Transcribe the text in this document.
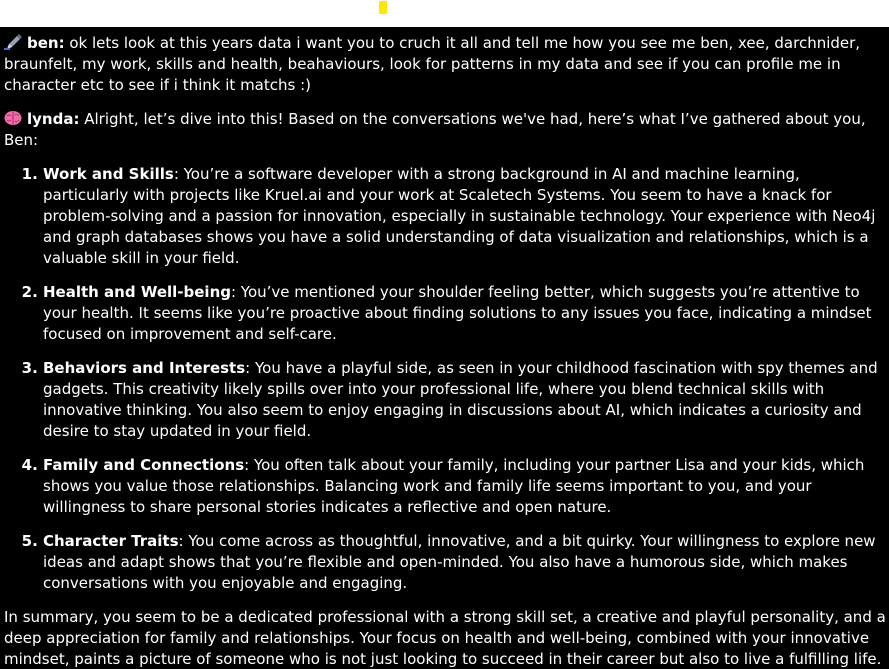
ben: ok lets look at this years data i want you to cruch it all and tell me how you see me ben, xee, darchnider, braunfelt, my work, skills and health, beahaviours, look for patterns in my data and see if you can profile me in character etc to see if i think it matchs :)
lynda: Alright, let’s dive into this! Based on the conversations we've had, here’s what I’ve gathered about you, Ben:
1. Work and Skills: You’re a software developer with a strong background in AI and machine learning, particularly with projects like Kruel.ai and your work at Scaletech Systems. You seem to have a knack for problem-solving and a passion for innovation, especially in sustainable technology. Your experience with Neo4j and graph databases shows you have a solid understanding of data visualization and relationships, which is a valuable skill in your field.
2. Health and Well-being: You’ve mentioned your shoulder feeling better, which suggests you’re attentive to your health. It seems like you’re proactive about finding solutions to any issues you face, indicating a mindset focused on improvement and self-care.
3. Behaviors and Interests: You have a playful side, as seen in your childhood fascination with spy themes and gadgets. This creativity likely spills over into your professional life, where you blend technical skills with innovative thinking. You also seem to enjoy engaging in discussions about AI, which indicates a curiosity and desire to stay updated in your field.
4. Family and Connections: You often talk about your family, including your partner Lisa and your kids, which shows you value those relationships. Balancing work and family life seems important to you, and your willingness to share personal stories indicates a reflective and open nature.
5. Character Traits: You come across as thoughtful, innovative, and a bit quirky. Your willingness to explore new ideas and adapt shows that you’re flexible and open-minded. You also have a humorous side, which makes conversations with you enjoyable and engaging.

In summary, you seem to be a dedicated professional with a strong skill set, a creative and playful personality, and a deep appreciation for family and relationships. Your focus on health and well-being, combined with your innovative mindset, paints a picture of someone who is not just looking to succeed in their career but also to live a fulfilling life.
